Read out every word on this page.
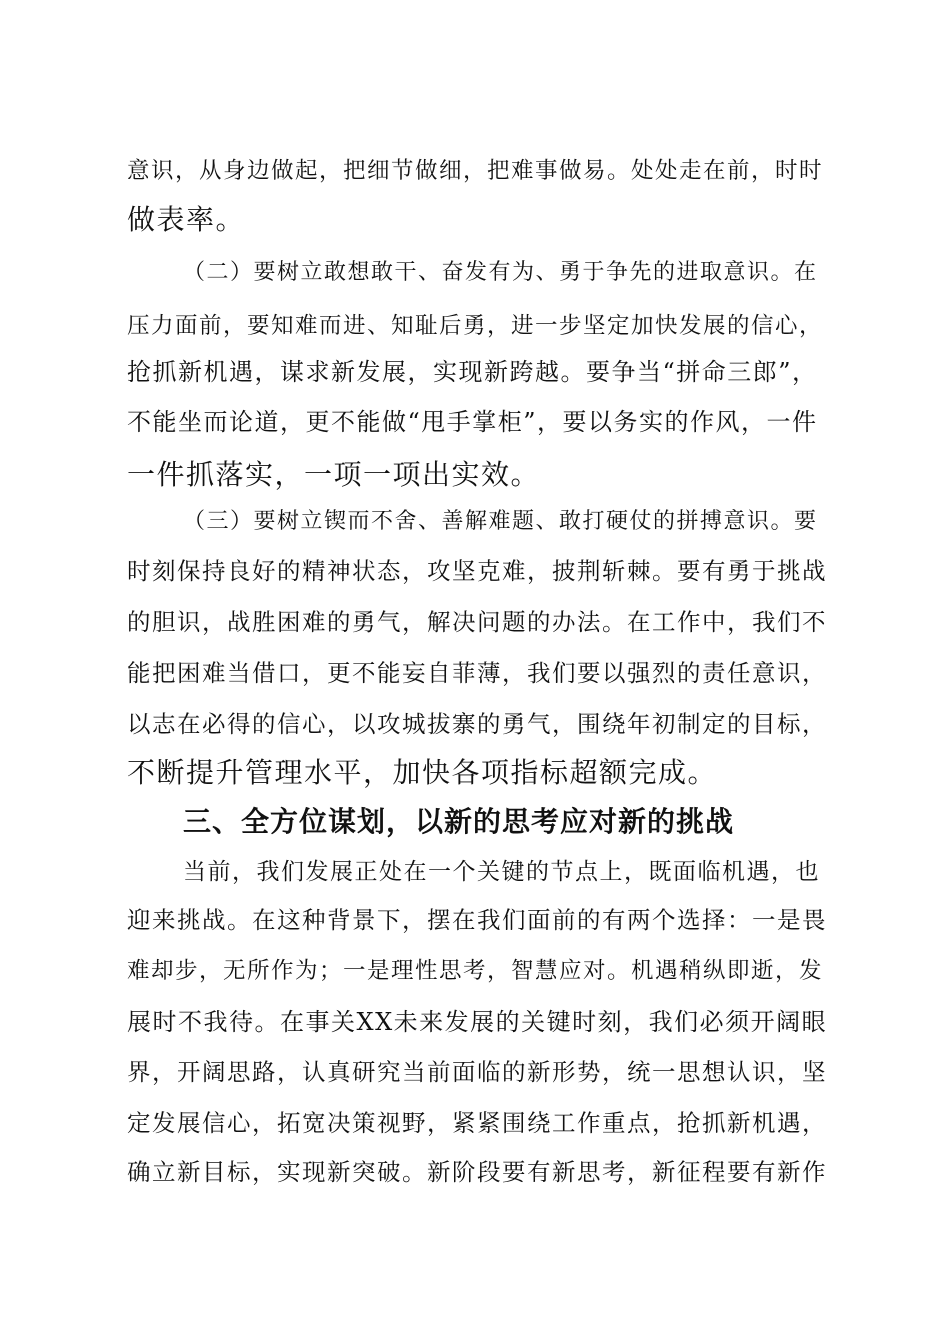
意识，从身边做起，把细节做细，把难事做易。处处走在前，时时
做表率。
（二）要树立敢想敢干、奋发有为、勇于争先的进取意识。在
压力面前，要知难而进、知耻后勇，进一步坚定加快发展的信心，
抢抓新机遇，谋求新发展，实现新跨越。要争当“拼命三郎”，
不能坐而论道，更不能做“甩手掌柜”，要以务实的作风，一件
一件抓落实，一项一项出实效。
（三）要树立锲而不舍、善解难题、敢打硬仗的拼搏意识。要
时刻保持良好的精神状态，攻坚克难，披荆斩棘。要有勇于挑战
的胆识，战胜困难的勇气，解决问题的办法。在工作中，我们不
能把困难当借口，更不能妄自菲薄，我们要以强烈的责任意识，
以志在必得的信心，以攻城拔寨的勇气，围绕年初制定的目标，
不断提升管理水平，加快各项指标超额完成。
三、全方位谋划，以新的思考应对新的挑战
当前，我们发展正处在一个关键的节点上，既面临机遇，也
迎来挑战。在这种背景下，摆在我们面前的有两个选择：一是畏
难却步，无所作为；一是理性思考，智慧应对。机遇稍纵即逝，发
展时不我待。在事关XX未来发展的关键时刻，我们必须开阔眼
界，开阔思路，认真研究当前面临的新形势，统一思想认识，坚
定发展信心，拓宽决策视野，紧紧围绕工作重点，抢抓新机遇，
确立新目标，实现新突破。新阶段要有新思考，新征程要有新作
